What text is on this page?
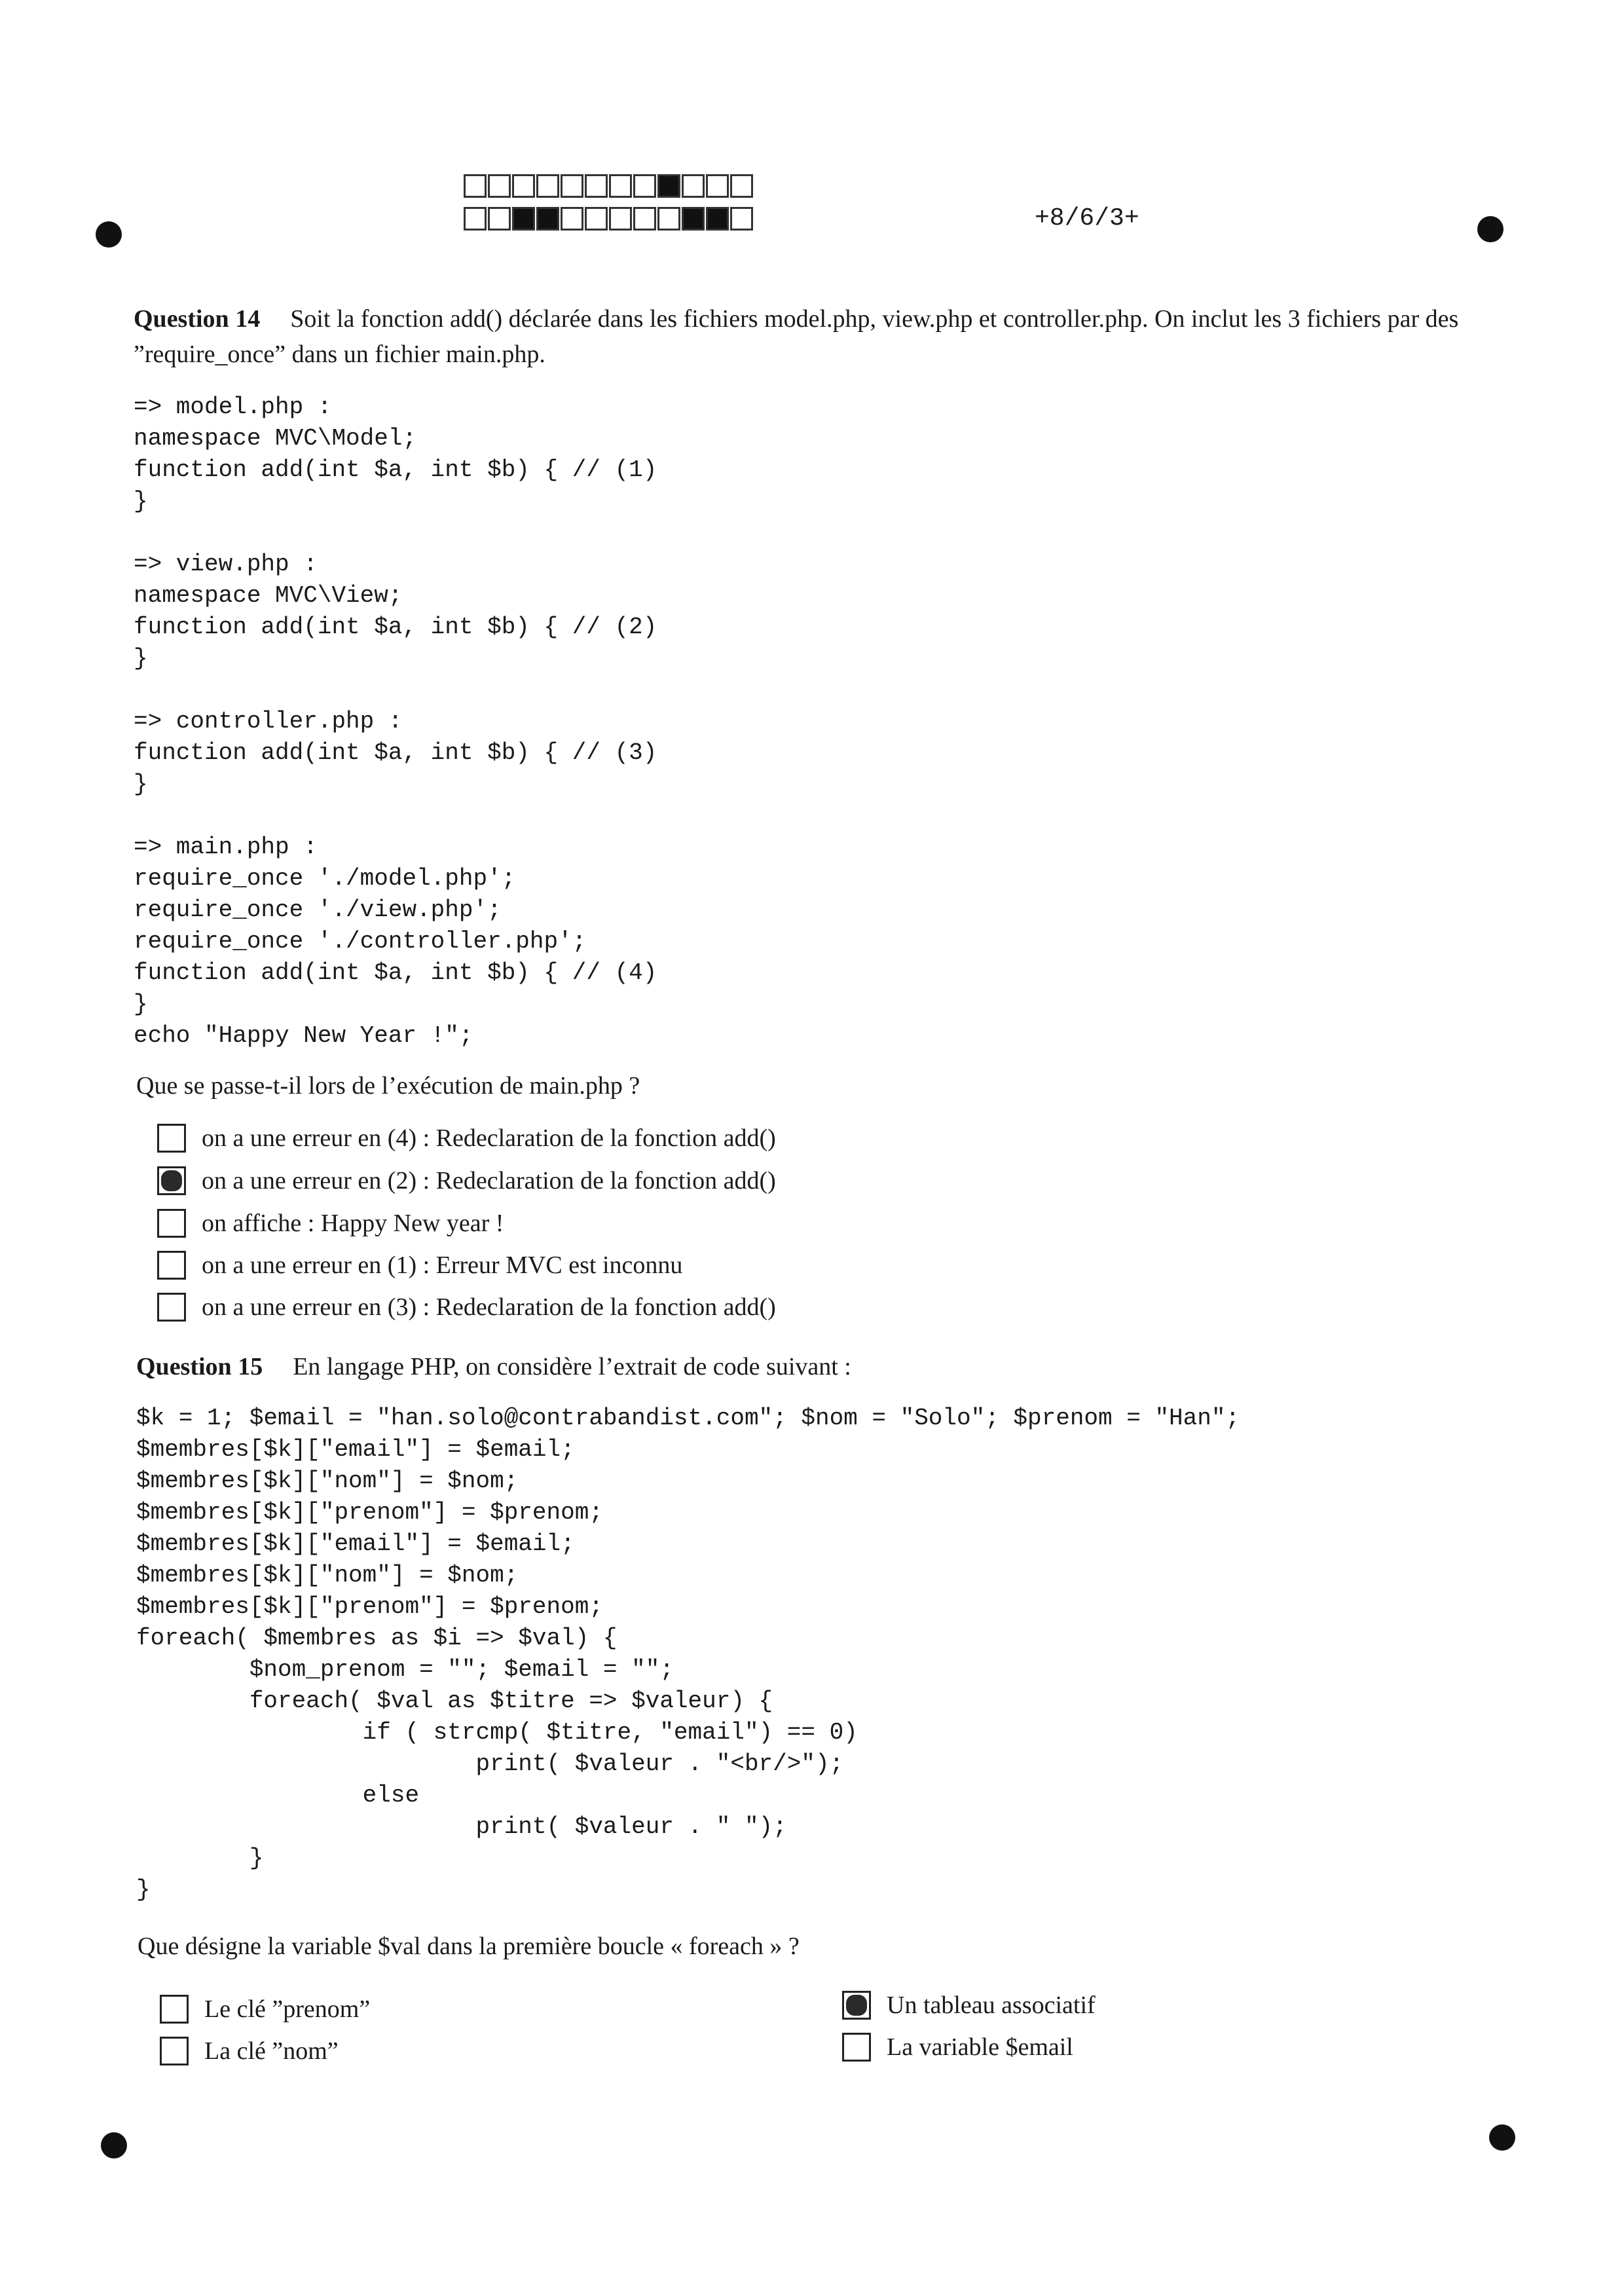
+8/6/3+

Question 14 Soit la fonction add() déclarée dans les fichiers model.php, view.php et controller.php. On inclut les 3 fichiers par des ”require_once” dans un fichier main.php.

=> model.php :
namespace MVC\Model;
function add(int $a, int $b) { // (1)
}

=> view.php :
namespace MVC\View;
function add(int $a, int $b) { // (2)
}

=> controller.php :
function add(int $a, int $b) { // (3)
}

=> main.php :
require_once './model.php';
require_once './view.php';
require_once './controller.php';
function add(int $a, int $b) { // (4)
}
echo "Happy New Year !";

Que se passe-t-il lors de l’exécution de main.php ?

on a une erreur en (4) : Redeclaration de la fonction add()
on a une erreur en (2) : Redeclaration de la fonction add()
on affiche : Happy New year !
on a une erreur en (1) : Erreur MVC est inconnu
on a une erreur en (3) : Redeclaration de la fonction add()

Question 15 En langage PHP, on considère l’extrait de code suivant :

$k = 1; $email = "han.solo@contrabandist.com"; $nom = "Solo"; $prenom = "Han";
$membres[$k]["email"] = $email;
$membres[$k]["nom"] = $nom;
$membres[$k]["prenom"] = $prenom;
$membres[$k]["email"] = $email;
$membres[$k]["nom"] = $nom;
$membres[$k]["prenom"] = $prenom;
foreach( $membres as $i => $val) {
$nom_prenom = ""; $email = "";
foreach( $val as $titre => $valeur) {
if ( strcmp( $titre, "email") == 0)
print( $valeur . "<br/>");
else
print( $valeur . " ");
}
}

Que désigne la variable $val dans la première boucle « foreach » ?

Le clé ”prenom”
La clé ”nom”
Un tableau associatif
La variable $email
